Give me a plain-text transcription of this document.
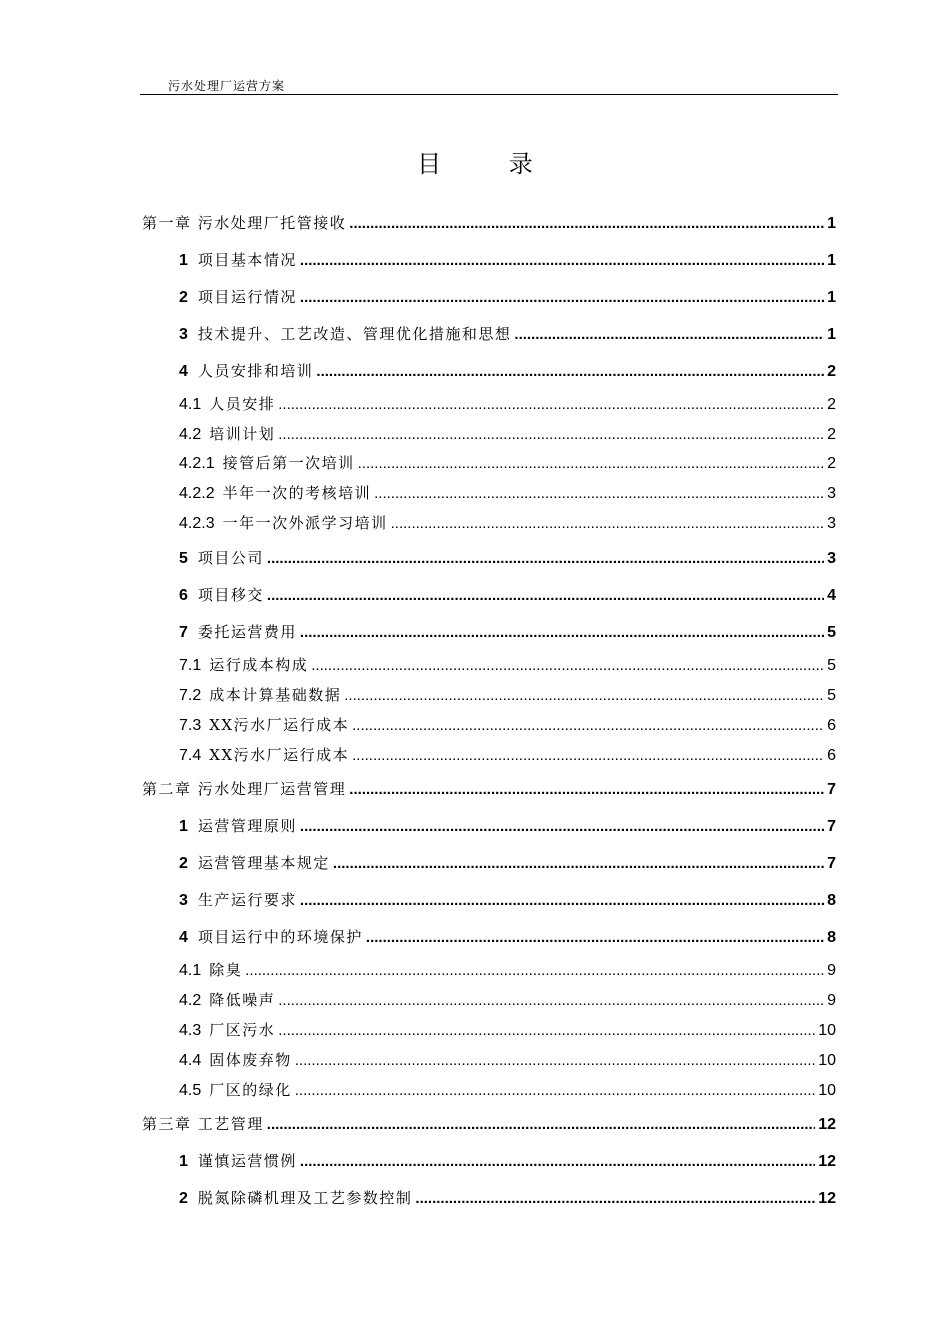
污水处理厂运营方案
目 录
第一章 污水处理厂托管接收 .....	1
1 项目基本情况 .....	1
2 项目运行情况 .....	1
3 技术提升、工艺改造、管理优化措施和思想 .....	1
4 人员安排和培训 .....	2
4.1 人员安排 .....	2
4.2 培训计划 .....	2
4.2.1 接管后第一次培训 .....	2
4.2.2 半年一次的考核培训 .....	3
4.2.3 一年一次外派学习培训 .....	3
5 项目公司 .....	3
6 项目移交 .....	4
7 委托运营费用 .....	5
7.1 运行成本构成 .....	5
7.2 成本计算基础数据 .....	5
7.3 XX污水厂运行成本 .....	6
7.4 XX污水厂运行成本 .....	6
第二章 污水处理厂运营管理 .....	7
1 运营管理原则 .....	7
2 运营管理基本规定 .....	7
3 生产运行要求 .....	8
4 项目运行中的环境保护 .....	8
4.1 除臭 .....	9
4.2 降低噪声 .....	9
4.3 厂区污水 .....	10
4.4 固体废弃物 .....	10
4.5 厂区的绿化 .....	10
第三章 工艺管理 .....	12
1 谨慎运营惯例 .....	12
2 脱氮除磷机理及工艺参数控制 .....	12
